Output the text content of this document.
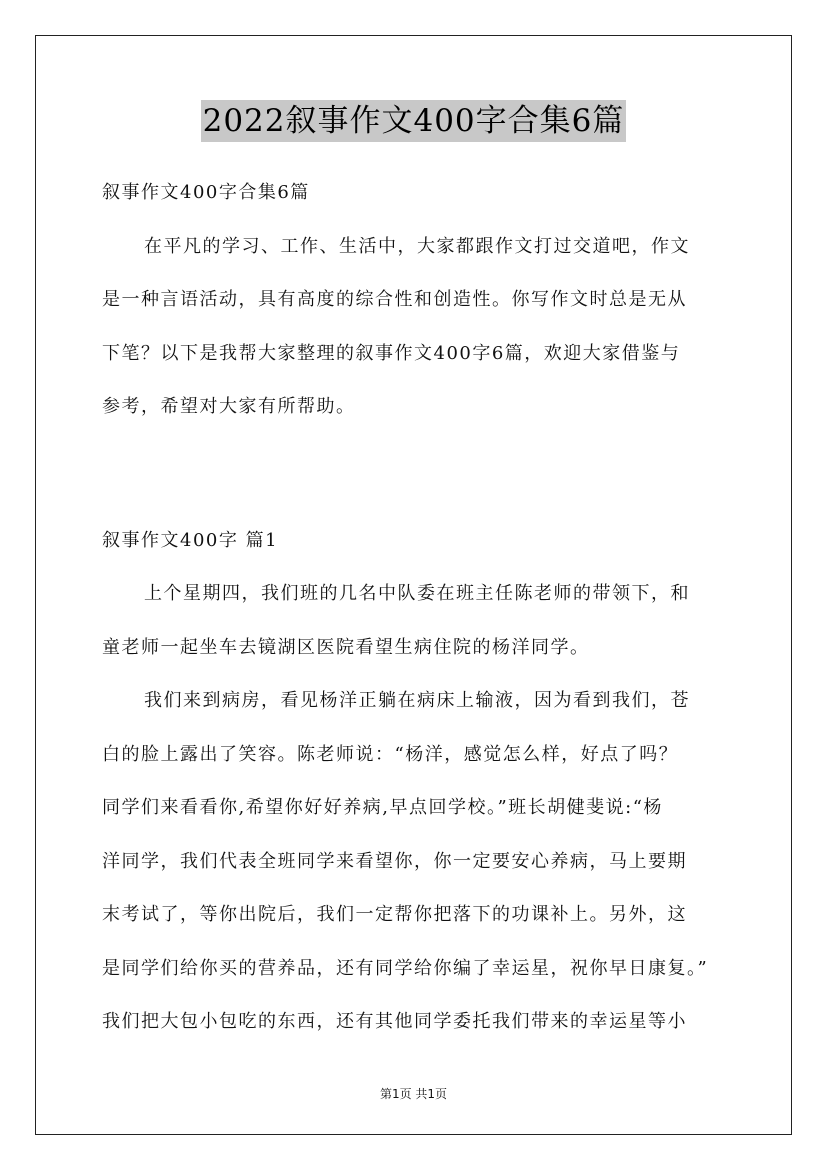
2022叙事作文400字合集6篇
叙事作文400字合集6篇
在平凡的学习、工作、生活中，大家都跟作文打过交道吧，作文
是一种言语活动，具有高度的综合性和创造性。你写作文时总是无从
下笔？以下是我帮大家整理的叙事作文400字6篇，欢迎大家借鉴与
参考，希望对大家有所帮助。
叙事作文400字 篇1
上个星期四，我们班的几名中队委在班主任陈老师的带领下，和
童老师一起坐车去镜湖区医院看望生病住院的杨洋同学。
我们来到病房，看见杨洋正躺在病床上输液，因为看到我们，苍
白的脸上露出了笑容。陈老师说：“杨洋，感觉怎么样，好点了吗？
同学们来看看你,希望你好好养病,早点回学校。”班长胡健斐说:“杨
洋同学，我们代表全班同学来看望你，你一定要安心养病，马上要期
末考试了，等你出院后，我们一定帮你把落下的功课补上。另外，这
是同学们给你买的营养品，还有同学给你编了幸运星，祝你早日康复。”
我们把大包小包吃的东西，还有其他同学委托我们带来的幸运星等小
第1页 共1页
